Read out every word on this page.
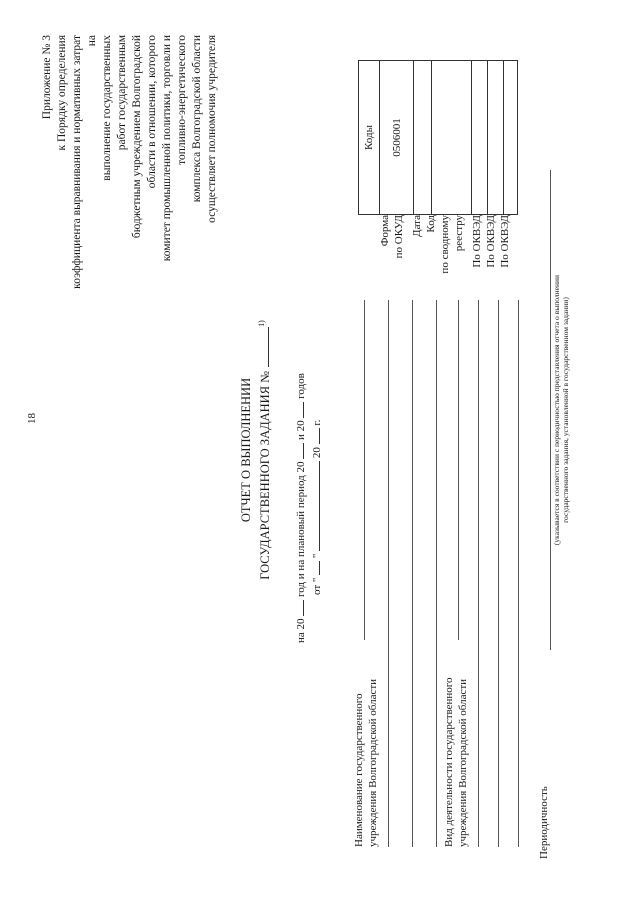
18
Приложение № 3 к Порядку определения коэффициента выравнивания и нормативных затрат на выполнение государственных работ государственным бюджетным учреждением Волгоградской области в отношении, которого комитет промышленной политики, торговли и топливно-энергетического комплекса Волгоградской области осуществляет полномочия учредителя
ОТЧЕТ О ВЫПОЛНЕНИИ ГОСУДАРСТВЕННОГО ЗАДАНИЯ №$^{1)}$
на 20  год и на плановый период 20  и 20  годов
от "  "  20  г.
Наименование государственного учреждения Волгоградской области	Вид деятельности государственного учреждения Волгоградской области
Коды	0506001
Форма по ОКУД Дата Код по сводному реестру По ОКВЭД По ОКВЭД По ОКВЭД
Периодичность
(указывается в соответствии с периодичностью представления отчета о выполнении государственного задания, установленной в государственном задании)
